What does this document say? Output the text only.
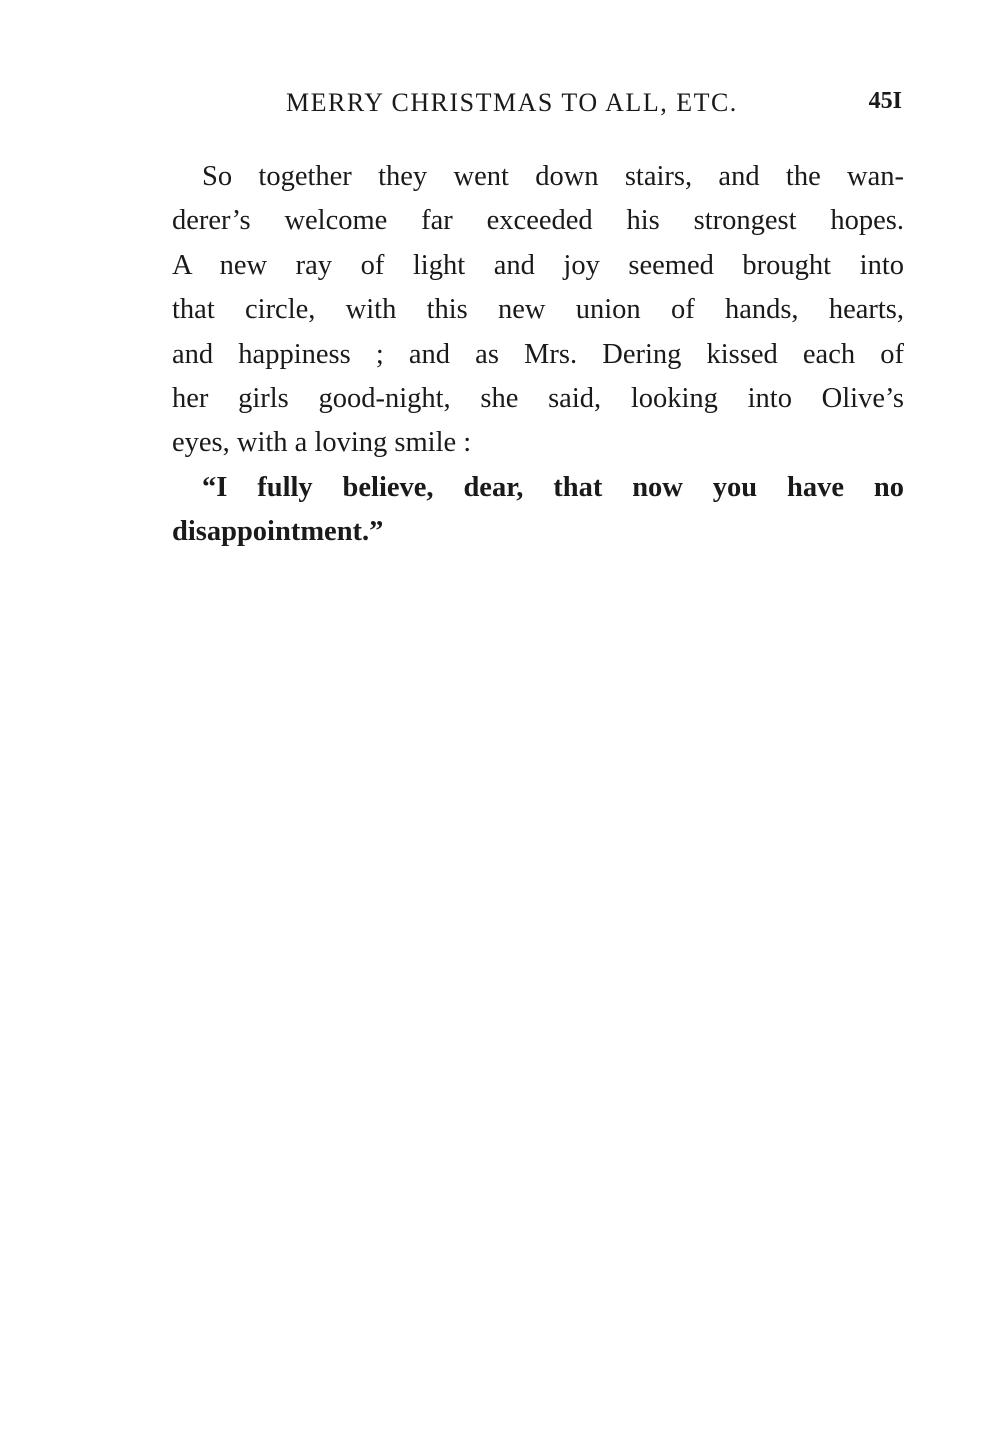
MERRY CHRISTMAS TO ALL, ETC.	45I
So together they went down stairs, and the wan-
derer’s welcome far exceeded his strongest hopes.
A new ray of light and joy seemed brought into
that circle, with this new union of hands, hearts,
and happiness ; and as Mrs. Dering kissed each of
her girls good-night, she said, looking into Olive’s
eyes, with a loving smile :
“I fully believe, dear, that now you have no
disappointment.”
